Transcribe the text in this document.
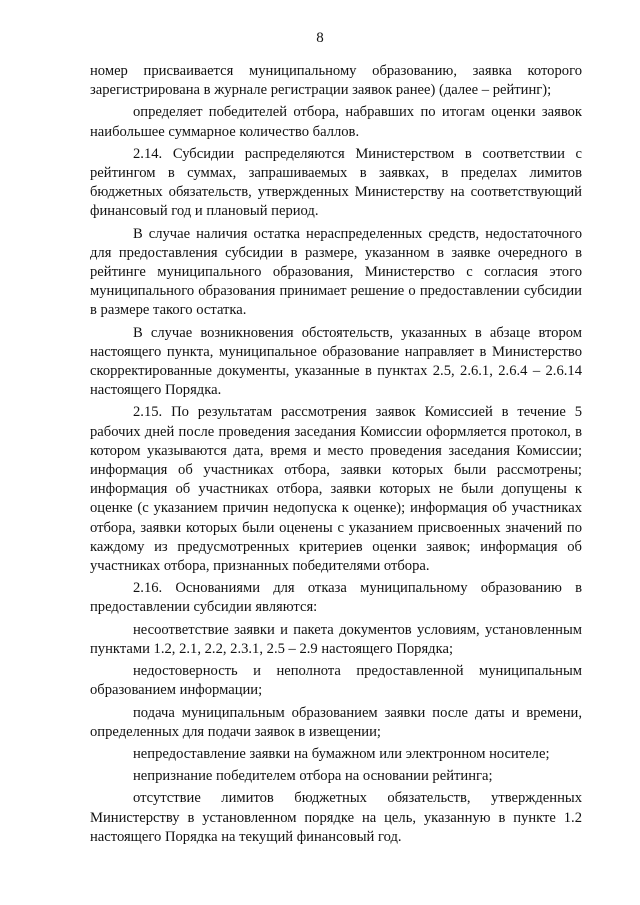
8

номер присваивается муниципальному образованию, заявка которого зарегистрирована в журнале регистрации заявок ранее) (далее – рейтинг);

определяет победителей отбора, набравших по итогам оценки заявок наибольшее суммарное количество баллов.

2.14. Субсидии распределяются Министерством в соответствии с рейтингом в суммах, запрашиваемых в заявках, в пределах лимитов бюджетных обязательств, утвержденных Министерству на соответствующий финансовый год и плановый период.

В случае наличия остатка нераспределенных средств, недостаточного для предоставления субсидии в размере, указанном в заявке очередного в рейтинге муниципального образования, Министерство с согласия этого муниципального образования принимает решение о предоставлении субсидии в размере такого остатка.

В случае возникновения обстоятельств, указанных в абзаце втором настоящего пункта, муниципальное образование направляет в Министерство скорректированные документы, указанные в пунктах 2.5, 2.6.1, 2.6.4 – 2.6.14 настоящего Порядка.

2.15. По результатам рассмотрения заявок Комиссией в течение 5 рабочих дней после проведения заседания Комиссии оформляется протокол, в котором указываются дата, время и место проведения заседания Комиссии; информация об участниках отбора, заявки которых были рассмотрены; информация об участниках отбора, заявки которых не были допущены к оценке (с указанием причин недопуска к оценке); информация об участниках отбора, заявки которых были оценены с указанием присвоенных значений по каждому из предусмотренных критериев оценки заявок; информация об участниках отбора, признанных победителями отбора.

2.16. Основаниями для отказа муниципальному образованию в предоставлении субсидии являются:

несоответствие заявки и пакета документов условиям, установленным пунктами 1.2, 2.1, 2.2, 2.3.1, 2.5 – 2.9 настоящего Порядка;

недостоверность и неполнота предоставленной муниципальным образованием информации;

подача муниципальным образованием заявки после даты и времени, определенных для подачи заявок в извещении;

непредоставление заявки на бумажном или электронном носителе;

непризнание победителем отбора на основании рейтинга;

отсутствие лимитов бюджетных обязательств, утвержденных Министерству в установленном порядке на цель, указанную в пункте 1.2 настоящего Порядка на текущий финансовый год.
